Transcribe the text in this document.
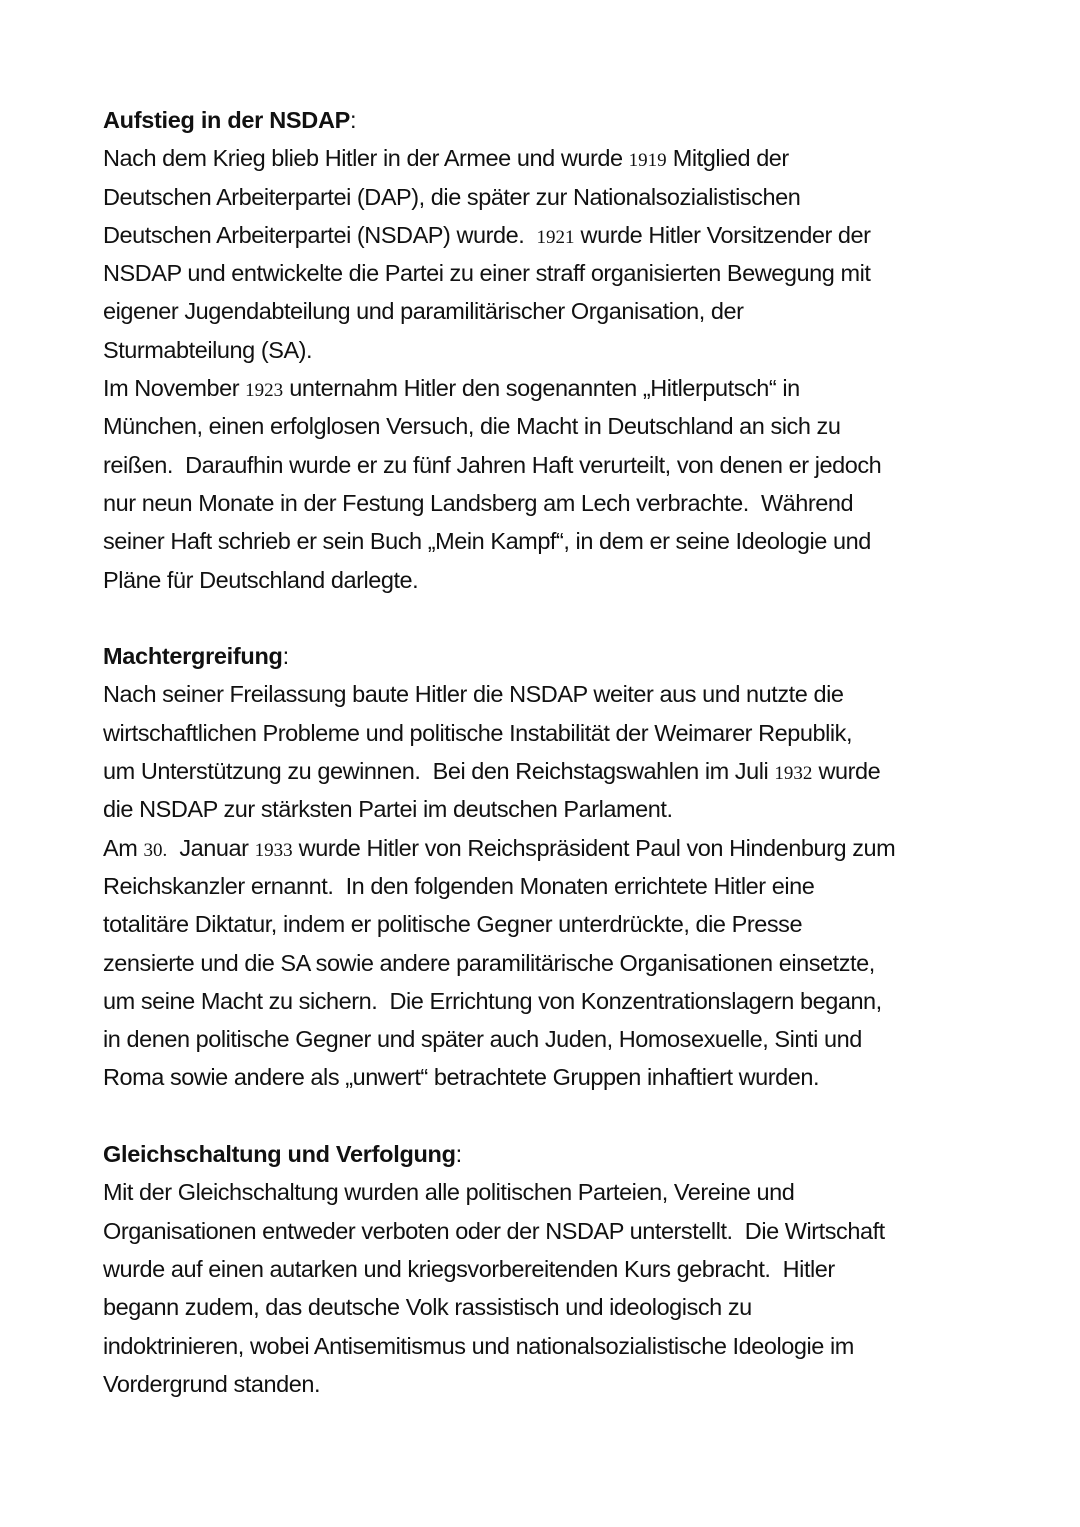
Aufstieg in der NSDAP:
Nach dem Krieg blieb Hitler in der Armee und wurde 1919 Mitglied der
Deutschen Arbeiterpartei (DAP), die später zur Nationalsozialistischen
Deutschen Arbeiterpartei (NSDAP) wurde.  1921 wurde Hitler Vorsitzender der
NSDAP und entwickelte die Partei zu einer straff organisierten Bewegung mit
eigener Jugendabteilung und paramilitärischer Organisation, der
Sturmabteilung (SA).
Im November 1923 unternahm Hitler den sogenannten „Hitlerputsch“ in
München, einen erfolglosen Versuch, die Macht in Deutschland an sich zu
reißen.  Daraufhin wurde er zu fünf Jahren Haft verurteilt, von denen er jedoch
nur neun Monate in der Festung Landsberg am Lech verbrachte.  Während
seiner Haft schrieb er sein Buch „Mein Kampf“, in dem er seine Ideologie und
Pläne für Deutschland darlegte.
Machtergreifung:
Nach seiner Freilassung baute Hitler die NSDAP weiter aus und nutzte die
wirtschaftlichen Probleme und politische Instabilität der Weimarer Republik,
um Unterstützung zu gewinnen.  Bei den Reichstagswahlen im Juli 1932 wurde
die NSDAP zur stärksten Partei im deutschen Parlament.
Am 30.  Januar 1933 wurde Hitler von Reichspräsident Paul von Hindenburg zum
Reichskanzler ernannt.  In den folgenden Monaten errichtete Hitler eine
totalitäre Diktatur, indem er politische Gegner unterdrückte, die Presse
zensierte und die SA sowie andere paramilitärische Organisationen einsetzte,
um seine Macht zu sichern.  Die Errichtung von Konzentrationslagern begann,
in denen politische Gegner und später auch Juden, Homosexuelle, Sinti und
Roma sowie andere als „unwert“ betrachtete Gruppen inhaftiert wurden.
Gleichschaltung und Verfolgung:
Mit der Gleichschaltung wurden alle politischen Parteien, Vereine und
Organisationen entweder verboten oder der NSDAP unterstellt.  Die Wirtschaft
wurde auf einen autarken und kriegsvorbereitenden Kurs gebracht.  Hitler
begann zudem, das deutsche Volk rassistisch und ideologisch zu
indoktrinieren, wobei Antisemitismus und nationalsozialistische Ideologie im
Vordergrund standen.
